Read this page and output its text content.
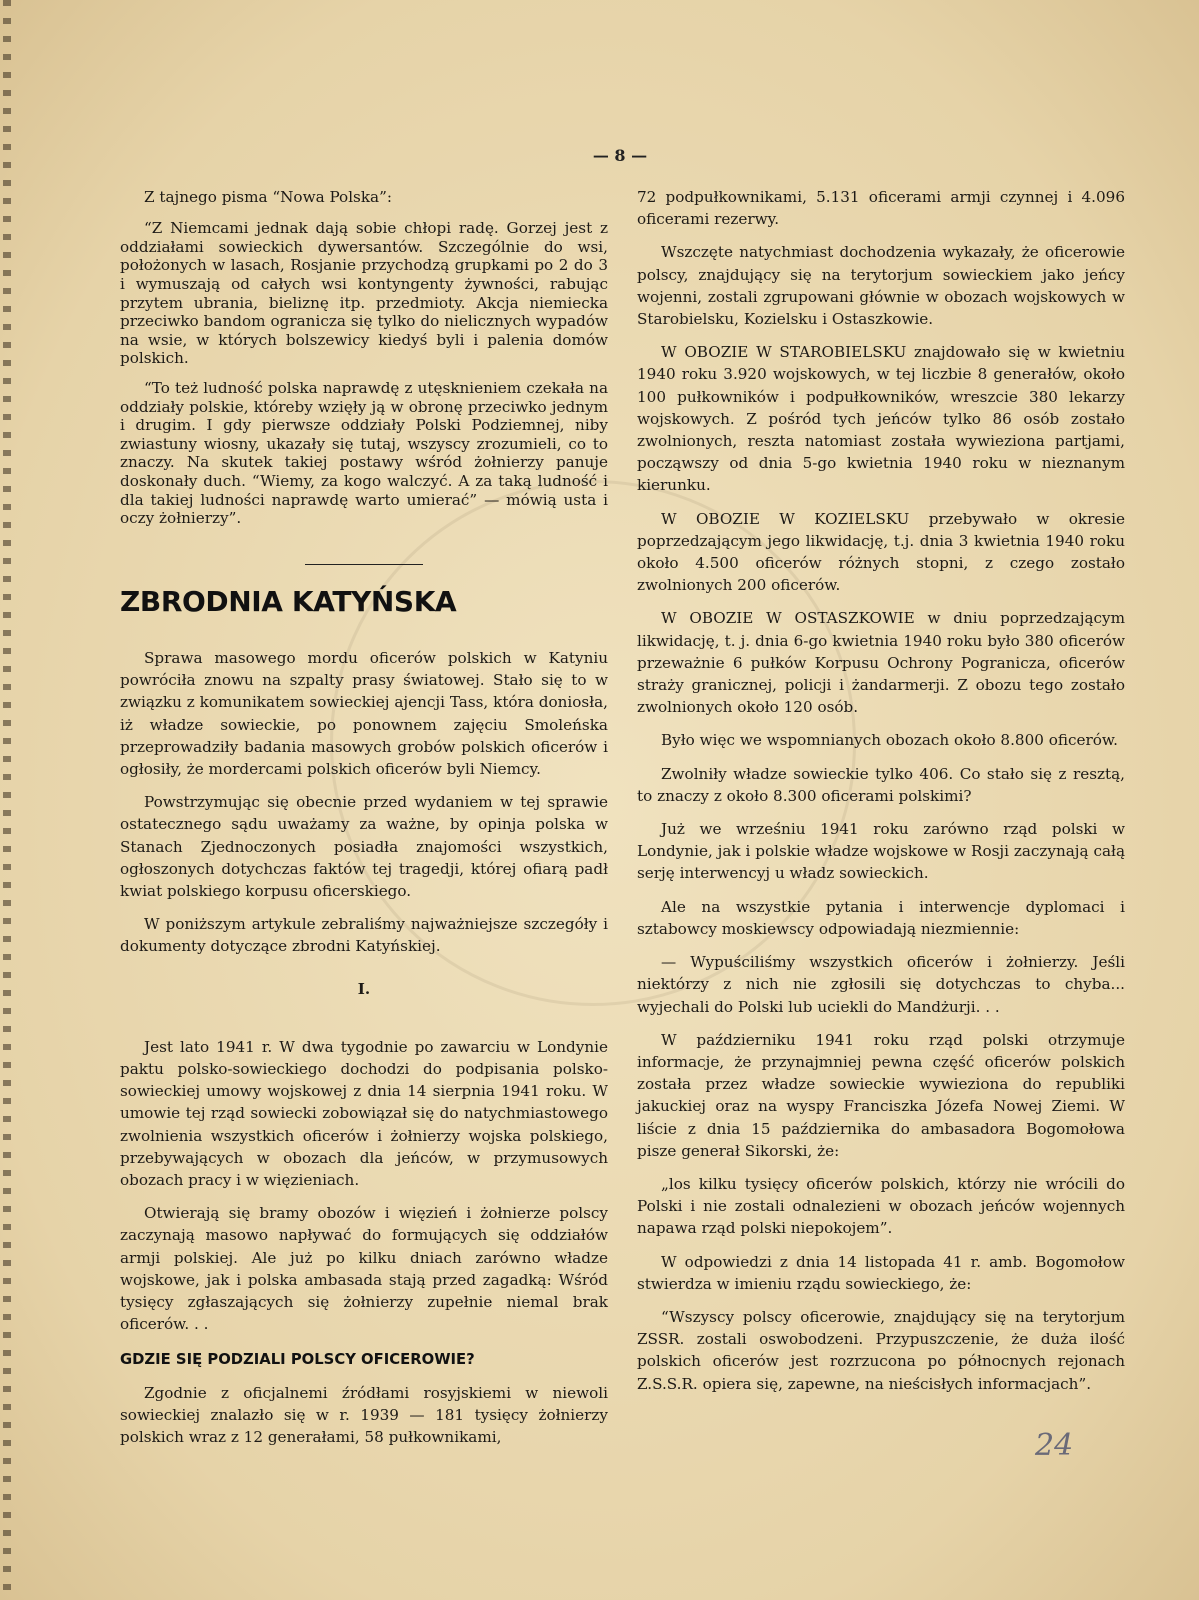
— 8 —

Z tajnego pisma “Nowa Polska”:

“Z Niemcami jednak dają sobie chłopi radę. Gorzej jest z oddziałami sowieckich dywersantów. Szczególnie do wsi, położonych w lasach, Rosjanie przychodzą grupkami po 2 do 3 i wymuszają od całych wsi kontyngenty żywności, rabując przytem ubrania, bieliznę itp. przedmioty. Akcja niemiecka przeciwko bandom ogranicza się tylko do nielicznych wypadów na wsie, w których bolszewicy kiedyś byli i palenia domów polskich.

“To też ludność polska naprawdę z utęsknieniem czekała na oddziały polskie, któreby wzięły ją w obronę przeciwko jednym i drugim. I gdy pierwsze oddziały Polski Podziemnej, niby zwiastuny wiosny, ukazały się tutaj, wszyscy zrozumieli, co to znaczy. Na skutek takiej postawy wśród żołnierzy panuje doskonały duch. “Wiemy, za kogo walczyć. A za taką ludność i dla takiej ludności naprawdę warto umierać” — mówią usta i oczy żołnierzy”.

ZBRODNIA KATYŃSKA

Sprawa masowego mordu oficerów polskich w Katyniu powróciła znowu na szpalty prasy światowej. Stało się to w związku z komunikatem sowieckiej ajencji Tass, która doniosła, iż władze sowieckie, po ponownem zajęciu Smoleńska przeprowadziły badania masowych grobów polskich oficerów i ogłosiły, że mordercami polskich oficerów byli Niemcy.

Powstrzymując się obecnie przed wydaniem w tej sprawie ostatecznego sądu uważamy za ważne, by opinja polska w Stanach Zjednoczonych posiadła znajomości wszystkich, ogłoszonych dotychczas faktów tej tragedji, której ofiarą padł kwiat polskiego korpusu oficerskiego.

W poniższym artykule zebraliśmy najważniejsze szczegóły i dokumenty dotyczące zbrodni Katyńskiej.

I.

Jest lato 1941 r. W dwa tygodnie po zawarciu w Londynie paktu polsko-sowieckiego dochodzi do podpisania polsko-sowieckiej umowy wojskowej z dnia 14 sierpnia 1941 roku. W umowie tej rząd sowiecki zobowiązał się do natychmiastowego zwolnienia wszystkich oficerów i żołnierzy wojska polskiego, przebywających w obozach dla jeńców, w przymusowych obozach pracy i w więzieniach.

Otwierają się bramy obozów i więzień i żołnierze polscy zaczynają masowo napływać do formujących się oddziałów armji polskiej. Ale już po kilku dniach zarówno władze wojskowe, jak i polska ambasada stają przed zagadką: Wśród tysięcy zgłaszających się żołnierzy zupełnie niemal brak oficerów. . .

GDZIE SIĘ PODZIALI POLSCY OFICEROWIE?

Zgodnie z oficjalnemi źródłami rosyjskiemi w niewoli sowieckiej znalazło się w r. 1939 — 181 tysięcy żołnierzy polskich wraz z 12 generałami, 58 pułkownikami,

72 podpułkownikami, 5.131 oficerami armji czynnej i 4.096 oficerami rezerwy.

Wszczęte natychmiast dochodzenia wykazały, że oficerowie polscy, znajdujący się na terytorjum sowieckiem jako jeńcy wojenni, zostali zgrupowani głównie w obozach wojskowych w Starobielsku, Kozielsku i Ostaszkowie.

W OBOZIE W STAROBIELSKU znajdowało się w kwietniu 1940 roku 3.920 wojskowych, w tej liczbie 8 generałów, około 100 pułkowników i podpułkowników, wreszcie 380 lekarzy wojskowych. Z pośród tych jeńców tylko 86 osób zostało zwolnionych, reszta natomiast została wywieziona partjami, począwszy od dnia 5-go kwietnia 1940 roku w nieznanym kierunku.

W OBOZIE W KOZIELSKU przebywało w okresie poprzedzającym jego likwidację, t.j. dnia 3 kwietnia 1940 roku około 4.500 oficerów różnych stopni, z czego zostało zwolnionych 200 oficerów.

W OBOZIE W OSTASZKOWIE w dniu poprzedzającym likwidację, t. j. dnia 6-go kwietnia 1940 roku było 380 oficerów przeważnie 6 pułków Korpusu Ochrony Pogranicza, oficerów straży granicznej, policji i żandarmerji. Z obozu tego zostało zwolnionych około 120 osób.

Było więc we wspomnianych obozach około 8.800 oficerów.

Zwolniły władze sowieckie tylko 406. Co stało się z resztą, to znaczy z około 8.300 oficerami polskimi?

Już we wrześniu 1941 roku zarówno rząd polski w Londynie, jak i polskie władze wojskowe w Rosji zaczynają całą serję interwencyj u władz sowieckich.

Ale na wszystkie pytania i interwencje dyplomaci i sztabowcy moskiewscy odpowiadają niezmiennie:

— Wypuściliśmy wszystkich oficerów i żołnierzy. Jeśli niektórzy z nich nie zgłosili się dotychczas to chyba... wyjechali do Polski lub uciekli do Mandżurji. . .

W październiku 1941 roku rząd polski otrzymuje informacje, że przynajmniej pewna część oficerów polskich została przez władze sowieckie wywieziona do republiki jakuckiej oraz na wyspy Franciszka Józefa Nowej Ziemi. W liście z dnia 15 października do ambasadora Bogomołowa pisze generał Sikorski, że:

„los kilku tysięcy oficerów polskich, którzy nie wrócili do Polski i nie zostali odnalezieni w obozach jeńców wojennych napawa rząd polski niepokojem”.

W odpowiedzi z dnia 14 listopada 41 r. amb. Bogomołow stwierdza w imieniu rządu sowieckiego, że:

“Wszyscy polscy oficerowie, znajdujący się na terytorjum ZSSR. zostali oswobodzeni. Przypuszczenie, że duża ilość polskich oficerów jest rozrzucona po północnych rejonach Z.S.S.R. opiera się, zapewne, na nieścisłych informacjach”.

24
